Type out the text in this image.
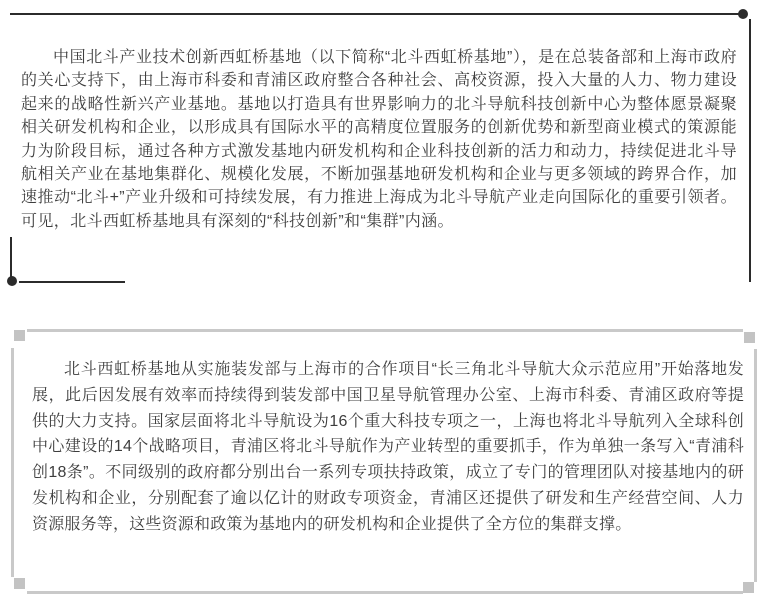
中国北斗产业技术创新西虹桥基地（以下简称“北斗西虹桥基地”），是在总装备部和上海市政府的关心支持下，由上海市科委和青浦区政府整合各种社会、高校资源，投入大量的人力、物力建设起来的战略性新兴产业基地。基地以打造具有世界影响力的北斗导航科技创新中心为整体愿景凝聚相关研发机构和企业，以形成具有国际水平的高精度位置服务的创新优势和新型商业模式的策源能力为阶段目标，通过各种方式激发基地内研发机构和企业科技创新的活力和动力，持续促进北斗导航相关产业在基地集群化、规模化发展，不断加强基地研发机构和企业与更多领域的跨界合作，加速推动“北斗+”产业升级和可持续发展，有力推进上海成为北斗导航产业走向国际化的重要引领者。可见，北斗西虹桥基地具有深刻的“科技创新”和“集群”内涵。

北斗西虹桥基地从实施装发部与上海市的合作项目“长三角北斗导航大众示范应用”开始落地发展，此后因发展有效率而持续得到装发部中国卫星导航管理办公室、上海市科委、青浦区政府等提供的大力支持。国家层面将北斗导航设为16个重大科技专项之一，上海也将北斗导航列入全球科创中心建设的14个战略项目，青浦区将北斗导航作为产业转型的重要抓手，作为单独一条写入“青浦科创18条”。不同级别的政府都分别出台一系列专项扶持政策，成立了专门的管理团队对接基地内的研发机构和企业，分别配套了逾以亿计的财政专项资金，青浦区还提供了研发和生产经营空间、人力资源服务等，这些资源和政策为基地内的研发机构和企业提供了全方位的集群支撑。
